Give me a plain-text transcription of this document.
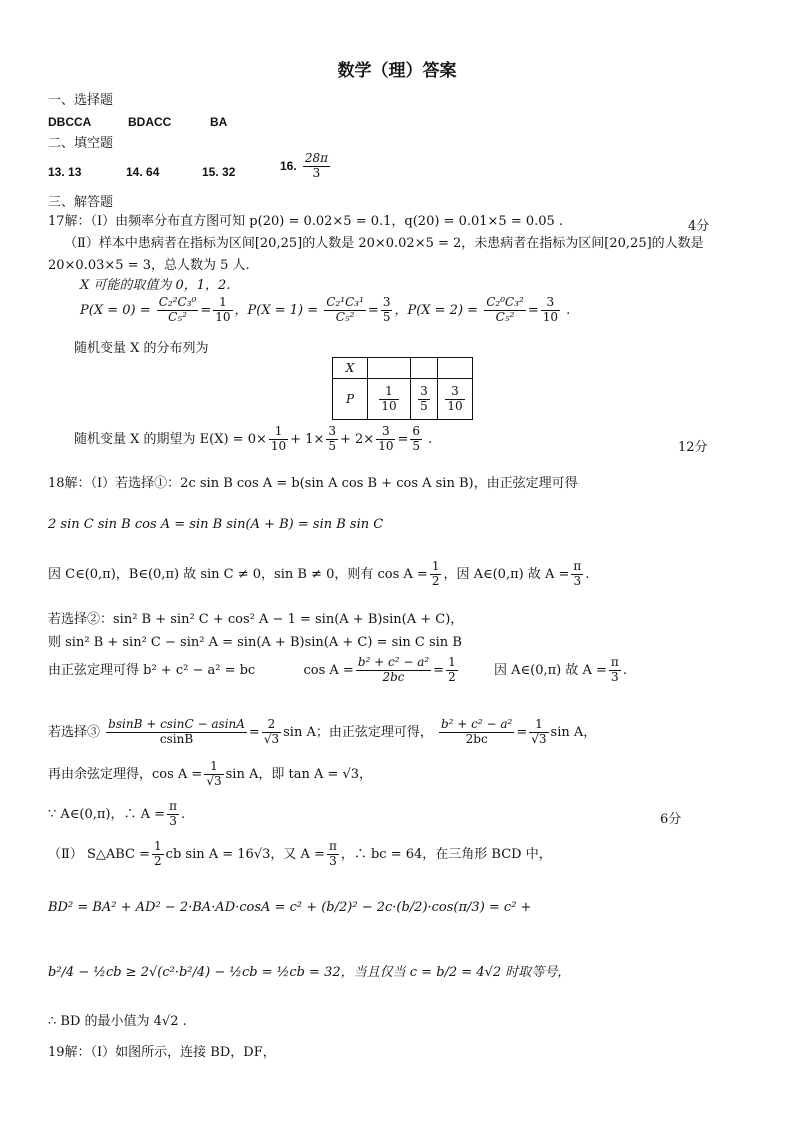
数学（理）答案
一、选择题
DBCCA	BDACC	BA
二、填空题
13. 13	14. 64	15. 32	16. $\frac{28\pi}{3}$
三、解答题
17解：（Ⅰ）由频率分布直方图可知 p(20) = 0.02×5 = 0.1，q(20) = 0.01×5 = 0.05 .	4分
（Ⅱ）样本中患病者在指标为区间[20,25]的人数是 20×0.02×5 = 2，未患病者在指标为区间[20,25]的人数是
20×0.03×5 = 3，总人数为 5 人.
X 可能的取值为 0，1，2.
$P(X = 0) = \frac{\text{C₂²C₃⁰}}{\text{C₅²}} = \frac{1}{10}$ ，$P(X = 1) = \frac{\text{C₂¹C₃¹}}{\text{C₅²}} = \frac{3}{5}$ ，$P(X = 2) = \frac{\text{C₂⁰C₃²}}{\text{C₅²}} = \frac{3}{10}$ .
随机变量 X 的分布列为
X			
P	$\frac{1}{10}$	$\frac{3}{5}$	$\frac{3}{10}$
随机变量 X 的期望为 $E(X) = 0\times \frac{1}{10} + 1\times \frac{3}{5} + 2\times \frac{3}{10} = \frac{6}{5}$ .
12分
18解：（Ⅰ）若选择①：2c sin B cos A = b(sin A cos B + cos A sin B)，由正弦定理可得
2 sin C sin B cos A = sin B sin(A + B) = sin B sin C
因 C∈(0,π)，B∈(0,π) 故 sin C ≠ 0，sin B ≠ 0，则有 $\cos A = \frac{1}{2}$ ，因 A∈(0,π) 故 $A = \frac{\pi}{3}$ .
若选择②：sin² B + sin² C + cos² A − 1 = sin(A + B)sin(A + C)，
则 sin² B + sin² C − sin² A = sin(A + B)sin(A + C) = sin C sin B
由正弦定理可得 b² + c² − a² = bc	$\cos A = \frac{\text{b² + c² − a²}}{2bc} = \frac{1}{2}$	因 A∈(0,π) 故 $A = \frac{\pi}{3}$ .
若选择③ $\frac{bsinB + csinC - asinA}{csinB} = \frac{2}{√3}$ sin A；由正弦定理可得， $\frac{\text{b² + c² − a²}}{2bc} = \frac{1}{√3}$ sin A，
再由余弦定理得，$\cos A = \frac{1}{√3}$ sin A，即 tan A = √3，
∵ A∈(0,π)，∴ $A = \frac{\pi}{3}$ .	6分
（Ⅱ） S△ABC = $\frac{1}{2}$ cb sin A = 16√3，又 $A = \frac{\pi}{3}$ ，∴ bc = 64，在三角形 BCD 中，
BD² = BA² + AD² − 2·BA·AD·cosA = c² + (b/2)² − 2c·(b/2)·cos(π/3) = c² +
b²/4 − ½cb ≥ 2√(c²·b²/4) − ½cb = ½cb = 32，当且仅当 c = b/2 = 4√2 时取等号，
∴ BD 的最小值为 4√2 .
19解：（Ⅰ）如图所示，连接 BD，DF，
